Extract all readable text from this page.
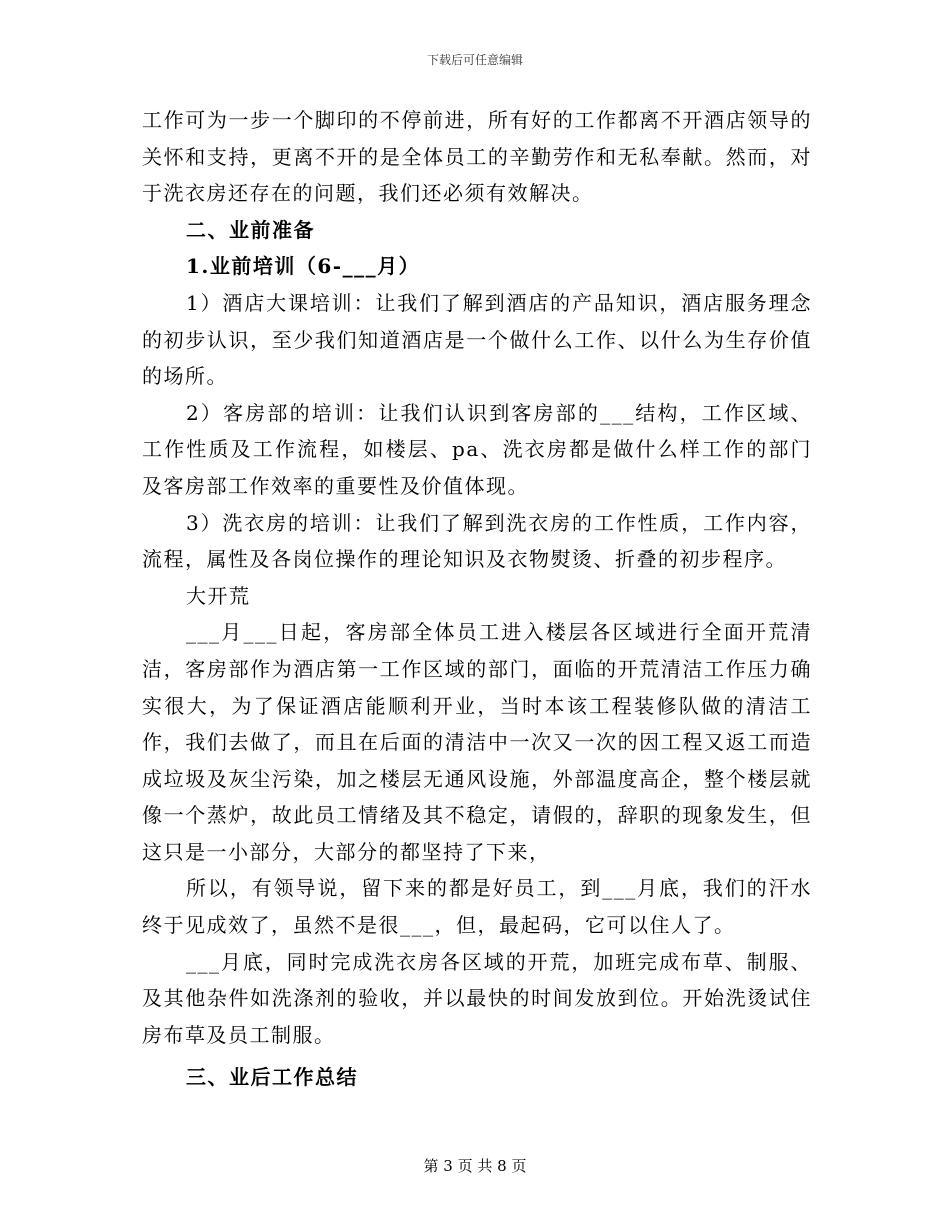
下载后可任意编辑

工作可为一步一个脚印的不停前进，所有好的工作都离不开酒店领导的关怀和支持，更离不开的是全体员工的辛勤劳作和无私奉献。然而，对于洗衣房还存在的问题，我们还必须有效解决。

二、业前准备

1.业前培训（6-___月）

1）酒店大课培训：让我们了解到酒店的产品知识，酒店服务理念的初步认识，至少我们知道酒店是一个做什么工作、以什么为生存价值的场所。

2）客房部的培训：让我们认识到客房部的___结构，工作区域、工作性质及工作流程，如楼层、pa、洗衣房都是做什么样工作的部门及客房部工作效率的重要性及价值体现。

3）洗衣房的培训：让我们了解到洗衣房的工作性质，工作内容，流程，属性及各岗位操作的理论知识及衣物熨烫、折叠的初步程序。

大开荒

___月___日起，客房部全体员工进入楼层各区域进行全面开荒清洁，客房部作为酒店第一工作区域的部门，面临的开荒清洁工作压力确实很大，为了保证酒店能顺利开业，当时本该工程装修队做的清洁工作，我们去做了，而且在后面的清洁中一次又一次的因工程又返工而造成垃圾及灰尘污染，加之楼层无通风设施，外部温度高企，整个楼层就像一个蒸炉，故此员工情绪及其不稳定，请假的，辞职的现象发生，但这只是一小部分，大部分的都坚持了下来，

所以，有领导说，留下来的都是好员工，到___月底，我们的汗水终于见成效了，虽然不是很___，但，最起码，它可以住人了。

___月底，同时完成洗衣房各区域的开荒，加班完成布草、制服、及其他杂件如洗涤剂的验收，并以最快的时间发放到位。开始洗烫试住房布草及员工制服。

三、业后工作总结

第 3 页 共 8 页
